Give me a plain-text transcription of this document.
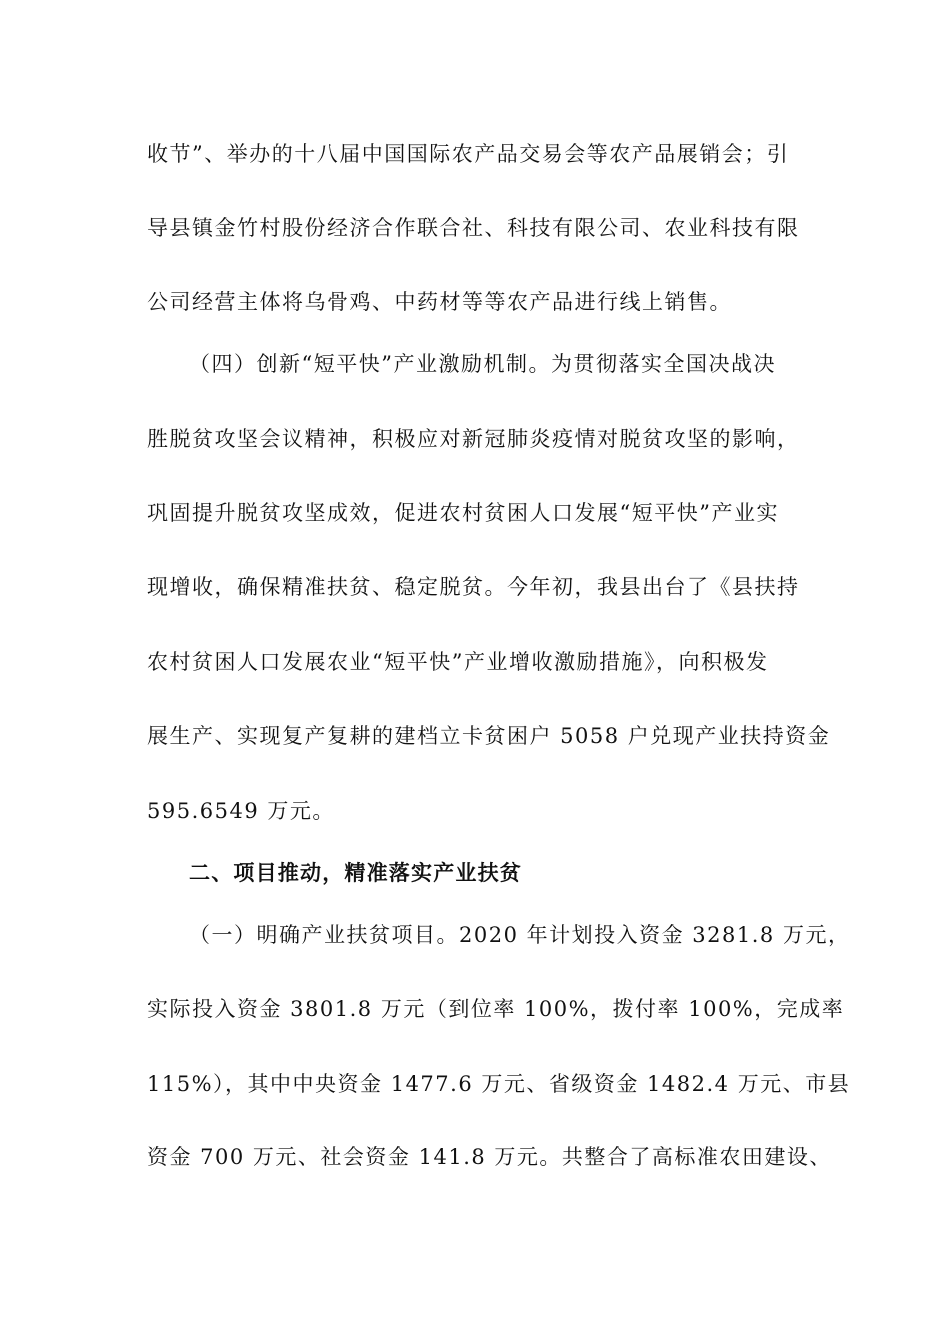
收节”、举办的十八届中国国际农产品交易会等农产品展销会；引
导县镇金竹村股份经济合作联合社、科技有限公司、农业科技有限
公司经营主体将乌骨鸡、中药材等等农产品进行线上销售。
（四）创新“短平快”产业激励机制。为贯彻落实全国决战决
胜脱贫攻坚会议精神，积极应对新冠肺炎疫情对脱贫攻坚的影响，
巩固提升脱贫攻坚成效，促进农村贫困人口发展“短平快”产业实
现增收，确保精准扶贫、稳定脱贫。今年初，我县出台了《县扶持
农村贫困人口发展农业“短平快”产业增收激励措施》，向积极发
展生产、实现复产复耕的建档立卡贫困户 5058 户兑现产业扶持资金
595.6549 万元。
二、项目推动，精准落实产业扶贫
（一）明确产业扶贫项目。2020 年计划投入资金 3281.8 万元，
实际投入资金 3801.8 万元（到位率 100%，拨付率 100%，完成率
115%），其中中央资金 1477.6 万元、省级资金 1482.4 万元、市县
资金 700 万元、社会资金 141.8 万元。共整合了高标准农田建设、
